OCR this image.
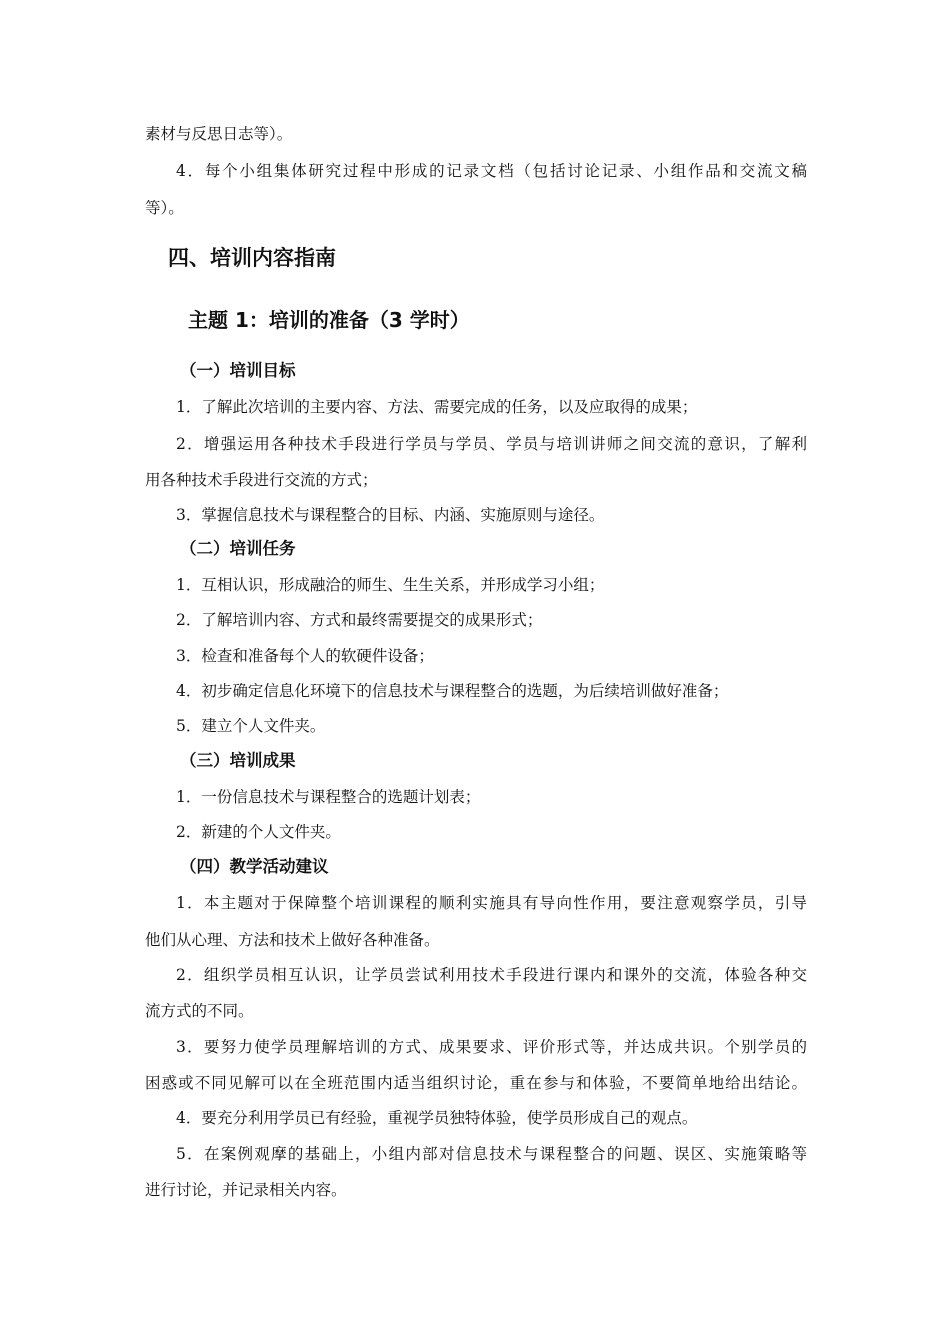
素材与反思日志等）。
4．每个小组集体研究过程中形成的记录文档（包括讨论记录、小组作品和交流文稿
等）。
四、培训内容指南
主题 1：培训的准备（3 学时）
（一）培训目标
1．了解此次培训的主要内容、方法、需要完成的任务，以及应取得的成果；
2．增强运用各种技术手段进行学员与学员、学员与培训讲师之间交流的意识，了解利
用各种技术手段进行交流的方式；
3．掌握信息技术与课程整合的目标、内涵、实施原则与途径。
（二）培训任务
1．互相认识，形成融洽的师生、生生关系，并形成学习小组；
2．了解培训内容、方式和最终需要提交的成果形式；
3．检查和准备每个人的软硬件设备；
4．初步确定信息化环境下的信息技术与课程整合的选题，为后续培训做好准备；
5．建立个人文件夹。
（三）培训成果
1．一份信息技术与课程整合的选题计划表；
2．新建的个人文件夹。
（四）教学活动建议
1．本主题对于保障整个培训课程的顺利实施具有导向性作用，要注意观察学员，引导
他们从心理、方法和技术上做好各种准备。
2．组织学员相互认识，让学员尝试利用技术手段进行课内和课外的交流，体验各种交
流方式的不同。
3．要努力使学员理解培训的方式、成果要求、评价形式等，并达成共识。个别学员的
困惑或不同见解可以在全班范围内适当组织讨论，重在参与和体验，不要简单地给出结论。
4．要充分利用学员已有经验，重视学员独特体验，使学员形成自己的观点。
5．在案例观摩的基础上，小组内部对信息技术与课程整合的问题、误区、实施策略等
进行讨论，并记录相关内容。
